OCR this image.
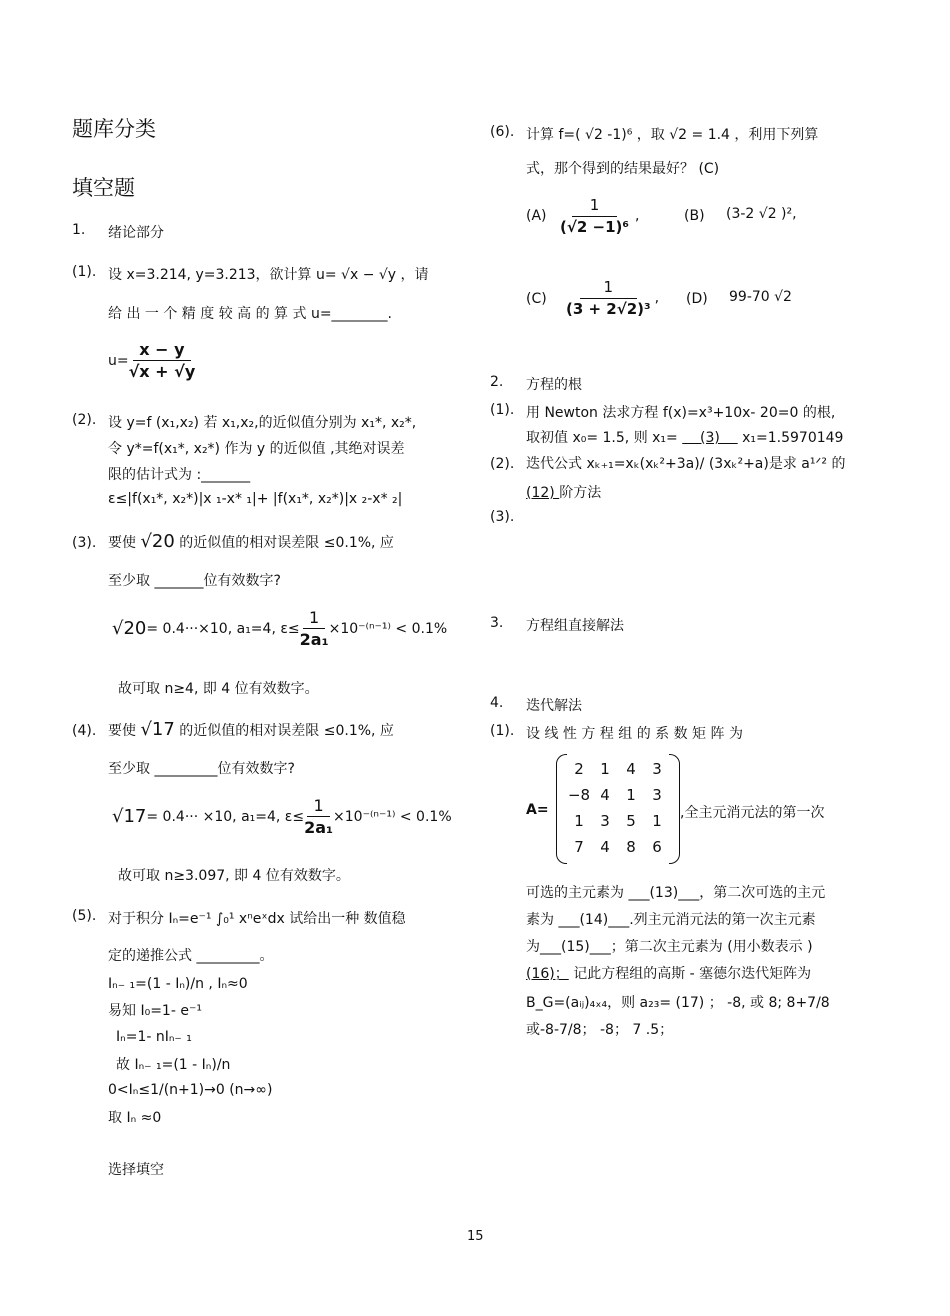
题库分类
填空题
1. 绪论部分
(1). 设 x=3.214, y=3.213，欲计算 u= √x − √y ，请
给 出 一 个 精 度 较 高 的 算 式 u=________.
$u= \frac{x - y}{√x + √y}$
(2). 设 y=f (x₁,x₂) 若 x₁,x₂,的近似值分别为 x₁*, x₂*,
令 y*=f(x₁*, x₂*) 作为 y 的近似值 ,其绝对误差
限的估计式为 :_______
ε≤|f(x₁*, x₂*)|x ₁-x* ₁|+ |f(x₁*, x₂*)|x ₂-x* ₂|
(3). 要使 √20 的近似值的相对误差限 ≤0.1%, 应
至少取 _______位有效数字?
√20 = 0.4···×10, a₁=4, $\varepsilon\le \frac{1}{\text{2a₁}} \times 10^{-(n-1)} < 0.1\%$
故可取 n≥4, 即 4 位有效数字。
(4). 要使 √17 的近似值的相对误差限 ≤0.1%, 应
至少取 _________位有效数字?
√17 = 0.4··· ×10, a₁=4, $\varepsilon\le \frac{1}{\text{2a₁}} \times 10^{-(n-1)} < 0.1\%$
故可取 n≥3.097, 即 4 位有效数字。
(5). 对于积分 Iₙ=e⁻¹ ∫₀¹ xⁿeˣdx 试给出一种 数值稳
定的递推公式 _________。
Iₙ₋ ₁=(1 - Iₙ)/n , Iₙ≈0
易知 I₀=1- e⁻¹
Iₙ=1- nIₙ₋ ₁
故 Iₙ₋ ₁=(1 - Iₙ)/n
0<Iₙ≤1/(n+1)→0 (n→∞)
取 Iₙ ≈0
选择填空
(6). 计算 f=( √2 -1)⁶ ，取 √2 = 1.4 ，利用下列算
式，那个得到的结果最好？ (C)
$(A) \frac{1}{\text{(√2 −1)⁶}}$ ,	(B) (3-2 √2 )²,
$(C) \frac{1}{\text{(3 + 2√2)³}}$ , (D) 99-70 √2
2. 方程的根
(1). 用 Newton 法求方程 f(x)=x³+10x- 20=0 的根,
取初值 x₀= 1.5, 则 x₁=     (3)     x₁=1.5970149
(2). 迭代公式 xₖ₊₁=xₖ(xₖ²+3a)/ (3xₖ²+a)是求 a¹ᐟ² 的
(12) 阶方法
(3).
3. 方程组直接解法
4. 迭代解法
(1). 设 线 性 方 程 组 的 系 数 矩 阵 为
A=
2	1	4	3
−8	4	1	3
1	3	5	1
7	4	8	6
,全主元消元法的第一次
可选的主元素为 ___(13)___，第二次可选的主元
素为 ___(14)___.列主元消元法的第一次主元素
为___(15)___；第二次主元素为 (用小数表示 )
(16)； 记此方程组的高斯 - 塞德尔迭代矩阵为
B_G=(aᵢⱼ)₄ₓ₄，则 a₂₃= (17) ； -8, 或 8; 8+7/8
或-8-7/8； -8； 7 .5；
15
